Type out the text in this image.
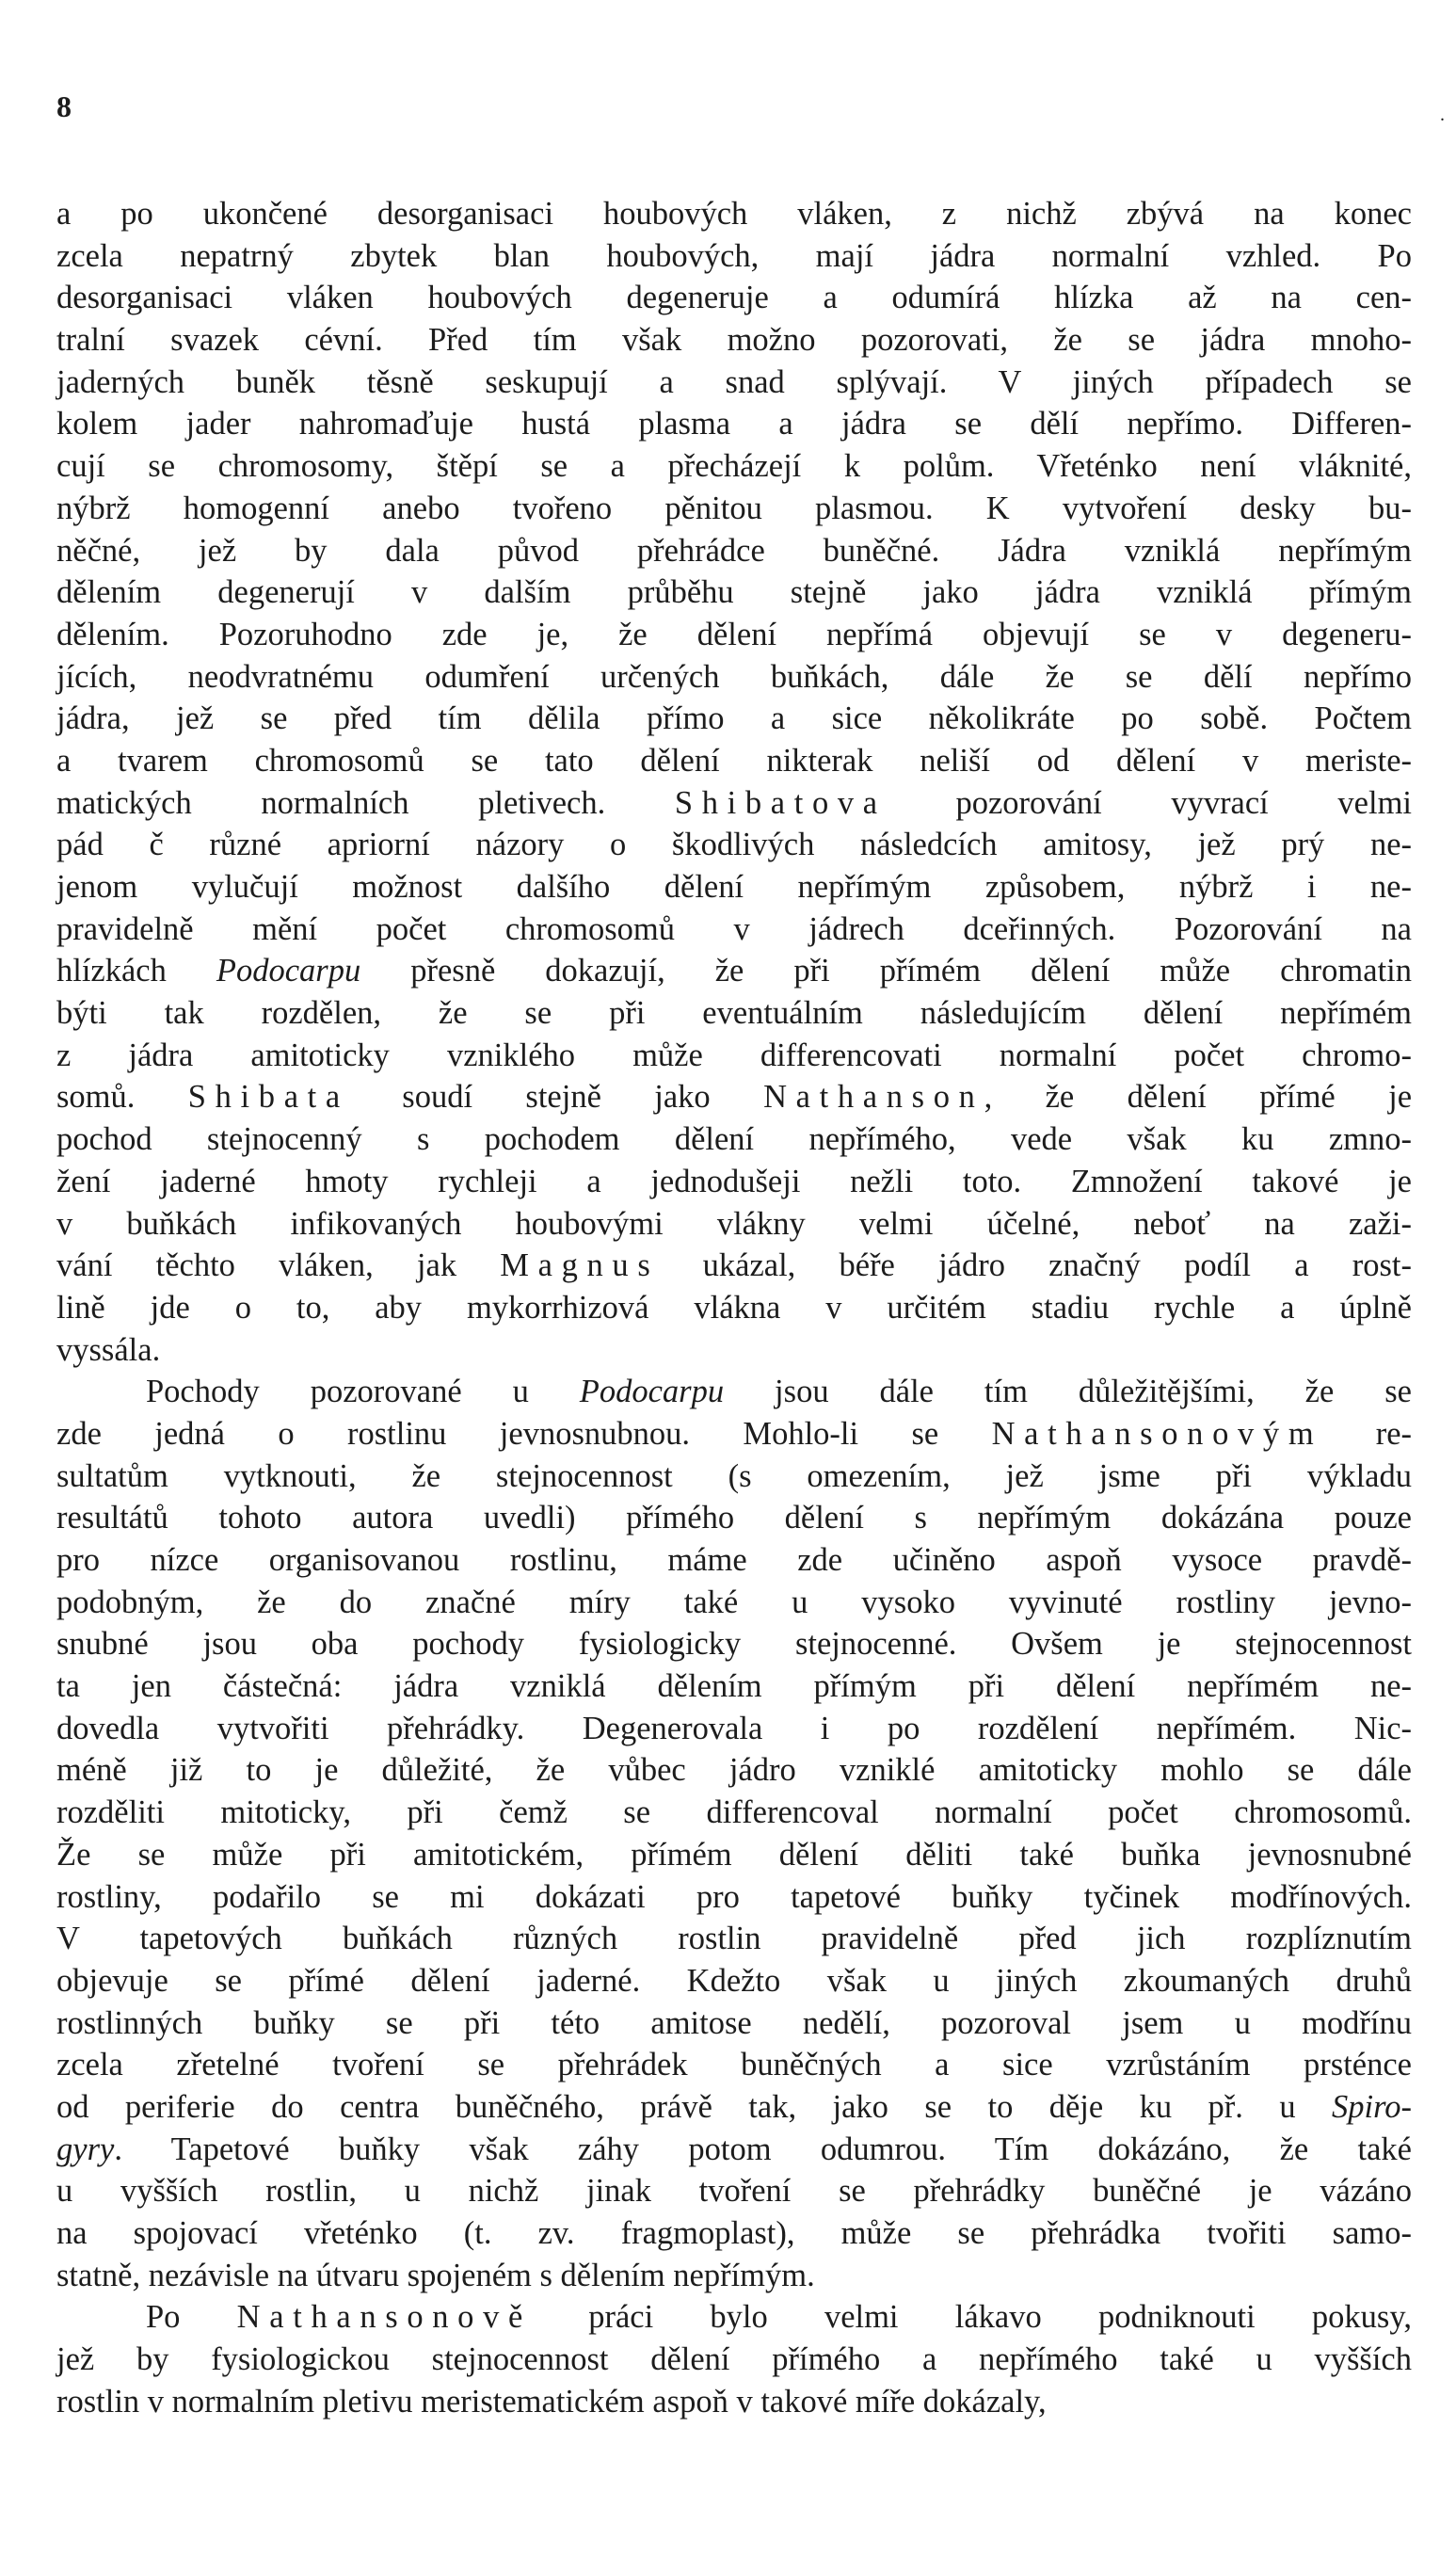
8	.

a po ukončené desorganisaci houbových vláken, z nichž zbývá na konec
zcela nepatrný zbytek blan houbových, mají jádra normalní vzhled. Po
desorganisaci vláken houbových degeneruje a odumírá hlízka až na cen-
tralní svazek cévní. Před tím však možno pozorovati, že se jádra mnoho-
jaderných buněk těsně seskupují a snad splývají. V jiných případech se
kolem jader nahromaďuje hustá plasma a jádra se dělí nepřímo. Differen-
cují se chromosomy, štěpí se a přecházejí k polům. Vřeténko není vláknité,
nýbrž homogenní anebo tvořeno pěnitou plasmou. K vytvoření desky bu-
něčné, jež by dala původ přehrádce buněčné. Jádra vzniklá nepřímým
dělením degenerují v dalším průběhu stejně jako jádra vzniklá přímým
dělením. Pozoruhodno zde je, že dělení nepřímá objevují se v degeneru-
jících, neodvratnému odumření určených buňkách, dále že se dělí nepřímo
jádra, jež se před tím dělila přímo a sice několikráte po sobě. Počtem
a tvarem chromosomů se tato dělení nikterak neliší od dělení v meriste-
matických normalních pletivech. Shibatova pozorování vyvrací velmi
pád č různé apriorní názory o škodlivých následcích amitosy, jež prý ne-
jenom vylučují možnost dalšího dělení nepřímým způsobem, nýbrž i ne-
pravidelně mění počet chromosomů v jádrech dceřinných. Pozorování na
hlízkách Podocarpu přesně dokazují, že při přímém dělení může chromatin
býti tak rozdělen, že se při eventuálním následujícím dělení nepřímém
z jádra amitoticky vzniklého může differencovati normalní počet chromo-
somů. Shibata soudí stejně jako Nathanson, že dělení přímé je
pochod stejnocenný s pochodem dělení nepřímého, vede však ku zmno-
žení jaderné hmoty rychleji a jednodušeji nežli toto. Zmnožení takové je
v buňkách infikovaných houbovými vlákny velmi účelné, neboť na zaži-
vání těchto vláken, jak Magnus ukázal, béře jádro značný podíl a rost-
lině jde o to, aby mykorrhizová vlákna v určitém stadiu rychle a úplně
vyssála.

Pochody pozorované u Podocarpu jsou dále tím důležitějšími, že se
zde jedná o rostlinu jevnosnubnou. Mohlo-li se Nathansonovým re-
sultatům vytknouti, že stejnocennost (s omezením, jež jsme při výkladu
resultátů tohoto autora uvedli) přímého dělení s nepřímým dokázána pouze
pro nízce organisovanou rostlinu, máme zde učiněno aspoň vysoce pravdě-
podobným, že do značné míry také u vysoko vyvinuté rostliny jevno-
snubné jsou oba pochody fysiologicky stejnocenné. Ovšem je stejnocennost
ta jen částečná: jádra vzniklá dělením přímým při dělení nepřímém ne-
dovedla vytvořiti přehrádky. Degenerovala i po rozdělení nepřímém. Nic-
méně již to je důležité, že vůbec jádro vzniklé amitoticky mohlo se dále
rozděliti mitoticky, při čemž se differencoval normalní počet chromosomů.
Že se může při amitotickém, přímém dělení děliti také buňka jevnosnubné
rostliny, podařilo se mi dokázati pro tapetové buňky tyčinek modřínových.
V tapetových buňkách různých rostlin pravidelně před jich rozplíznutím
objevuje se přímé dělení jaderné. Kdežto však u jiných zkoumaných druhů
rostlinných buňky se při této amitose nedělí, pozoroval jsem u modřínu
zcela zřetelné tvoření se přehrádek buněčných a sice vzrůstáním prsténce
od periferie do centra buněčného, právě tak, jako se to děje ku př. u Spiro-
gyry. Tapetové buňky však záhy potom odumrou. Tím dokázáno, že také
u vyšších rostlin, u nichž jinak tvoření se přehrádky buněčné je vázáno
na spojovací vřeténko (t. zv. fragmoplast), může se přehrádka tvořiti samo-
statně, nezávisle na útvaru spojeném s dělením nepřímým.

Po Nathansonově práci bylo velmi lákavo podniknouti pokusy,
jež by fysiologickou stejnocennost dělení přímého a nepřímého také u vyšších
rostlin v normalním pletivu meristematickém aspoň v takové míře dokázaly,
